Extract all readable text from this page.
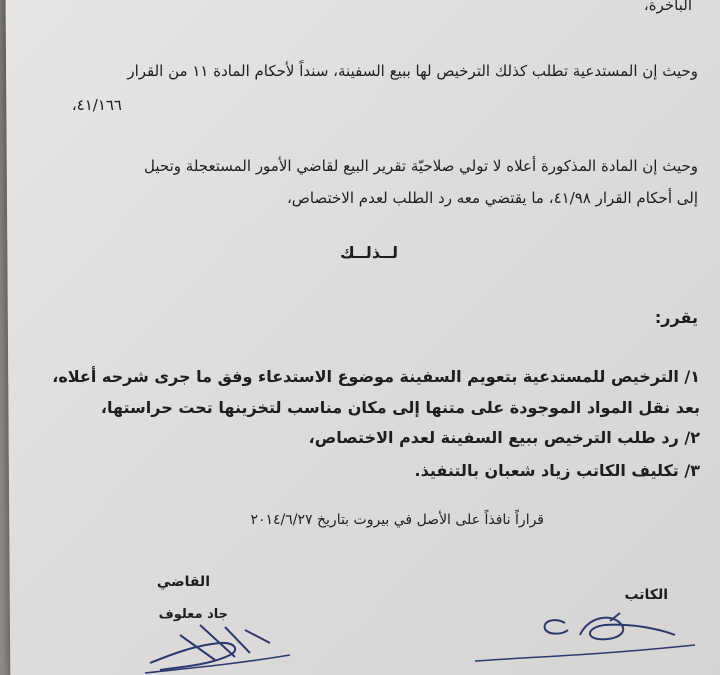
الباخرة،
وحيث إن المستدعية تطلب كذلك الترخيص لها ببيع السفينة، سنداً لأحكام المادة ١١ من القرار
٤١/١٦٦،
وحيث إن المادة المذكورة أعلاه لا تولي صلاحيّة تقرير البيع لقاضي الأمور المستعجلة وتحيل
إلى أحكام القرار ٤١/٩٨، ما يقتضي معه رد الطلب لعدم الاختصاص،
لــذلــك
يقرر:
١/ الترخيص للمستدعية بتعويم السفينة موضوع الاستدعاء وفق ما جرى شرحه أعلاه،
بعد نقل المواد الموجودة على متنها إلى مكان مناسب لتخزينها تحت حراستها،
٢/ رد طلب الترخيص ببيع السفينة لعدم الاختصاص،
٣/ تكليف الكاتب زياد شعبان بالتنفيذ.
قراراً نافذاً على الأصل في بيروت بتاريخ ٢٠١٤/٦/٢٧
القاضي
جاد معلوف
الكاتب
